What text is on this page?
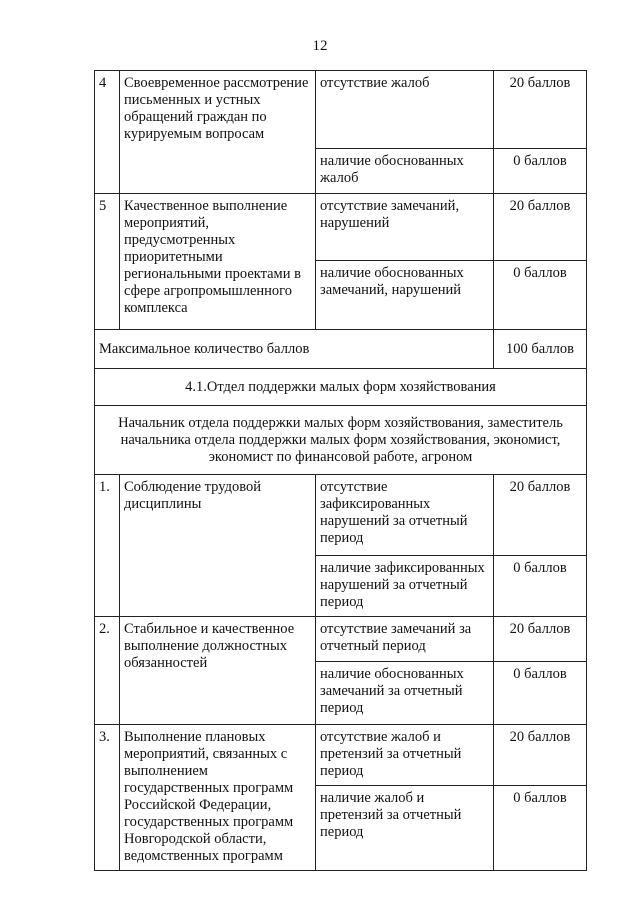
12
4	Своевременное рассмотрение письменных и устных обращений граждан по курируемым вопросам	отсутствие жалоб	20 баллов
		наличие обоснованных жалоб	0 баллов
5	Качественное выполнение мероприятий, предусмотренных приоритетными региональными проектами в сфере агропромышленного комплекса	отсутствие замечаний, нарушений	20 баллов
		наличие обоснованных замечаний, нарушений	0 баллов
Максимальное количество баллов			100 баллов
4.1.Отдел поддержки малых форм хозяйствования			
Начальник отдела поддержки малых форм хозяйствования, заместитель начальника отдела поддержки малых форм хозяйствования, экономист, экономист по финансовой работе, агроном			
1.	Соблюдение трудовой дисциплины	отсутствие зафиксированных нарушений за отчетный период	20 баллов
		наличие зафиксированных нарушений за отчетный период	0 баллов
2.	Стабильное и качественное выполнение должностных обязанностей	отсутствие замечаний за отчетный период	20 баллов
		наличие обоснованных замечаний за отчетный период	0 баллов
3.	Выполнение плановых мероприятий, связанных с выполнением государственных программ Российской Федерации, государственных программ Новгородской области, ведомственных программ	отсутствие жалоб и претензий за отчетный период	20 баллов
		наличие жалоб и претензий за отчетный период	0 баллов
